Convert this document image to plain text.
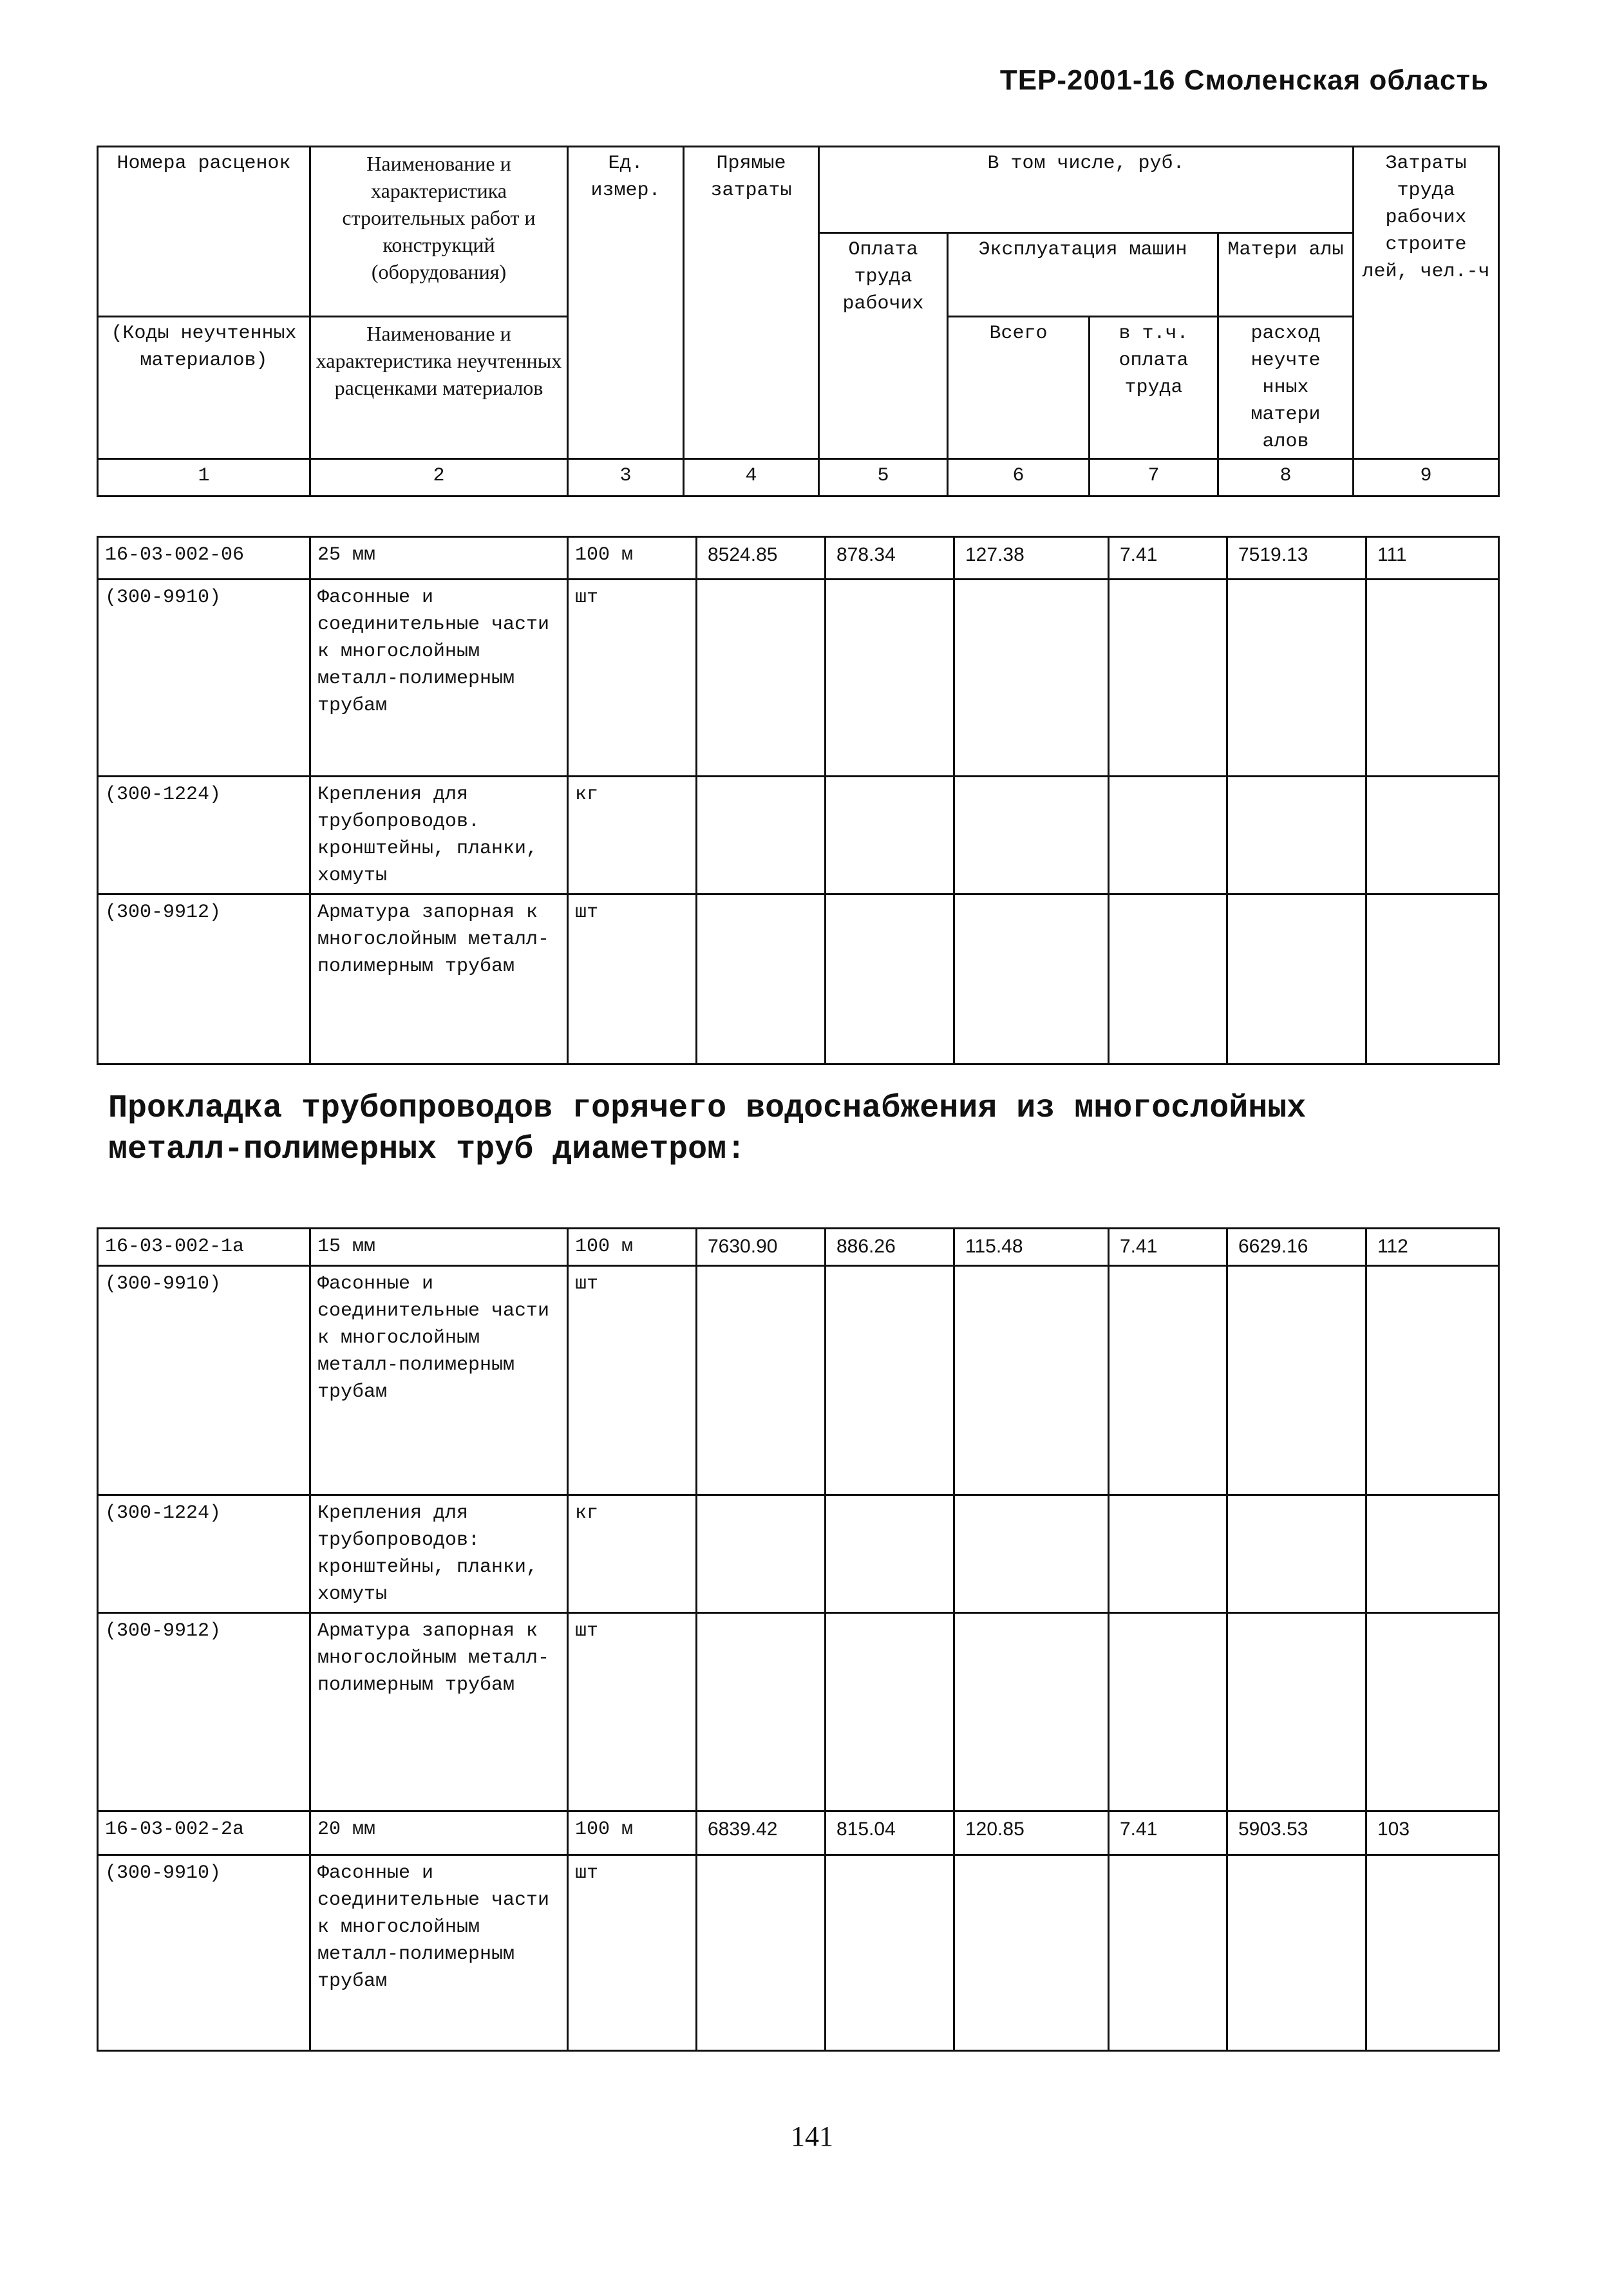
ТЕР-2001-16 Смоленская область
Номера расценок	Наименование и характеристика строительных работ и конструкций (оборудования)	Ед. измер.	Прямые затраты	В том числе, руб.				Затраты труда рабочих строите лей, чел.-ч
				Оплата труда рабочих	Эксплуатация машин		Матери алы	
(Коды неучтенных материалов)	Наименование и характеристика неучтенных расценками материалов				Всего	в т.ч. оплата труда	расход неучте нных матери алов	
1	2	3	4	5	6	7	8	9
16-03-002-06	25 мм	100 м	8524.85	878.34	127.38	7.41	7519.13	111
(300-9910)	Фасонные и соединительные части к многослойным металл-полимерным трубам	шт						
(300-1224)	Крепления для трубопроводов. кронштейны, планки, хомуты	кг						
(300-9912)	Арматура запорная к многослойным металл-полимерным трубам	шт						
Прокладка трубопроводов горячего водоснабжения из многослойных металл-полимерных труб диаметром:
16-03-002-1а	15 мм	100 м	7630.90	886.26	115.48	7.41	6629.16	112
(300-9910)	Фасонные и соединительные части к многослойным металл-полимерным трубам	шт						
(300-1224)	Крепления для трубопроводов: кронштейны, планки, хомуты	кг						
(300-9912)	Арматура запорная к многослойным металл-полимерным трубам	шт						
16-03-002-2а	20 мм	100 м	6839.42	815.04	120.85	7.41	5903.53	103
(300-9910)	Фасонные и соединительные части к многослойным металл-полимерным трубам	шт						
141
